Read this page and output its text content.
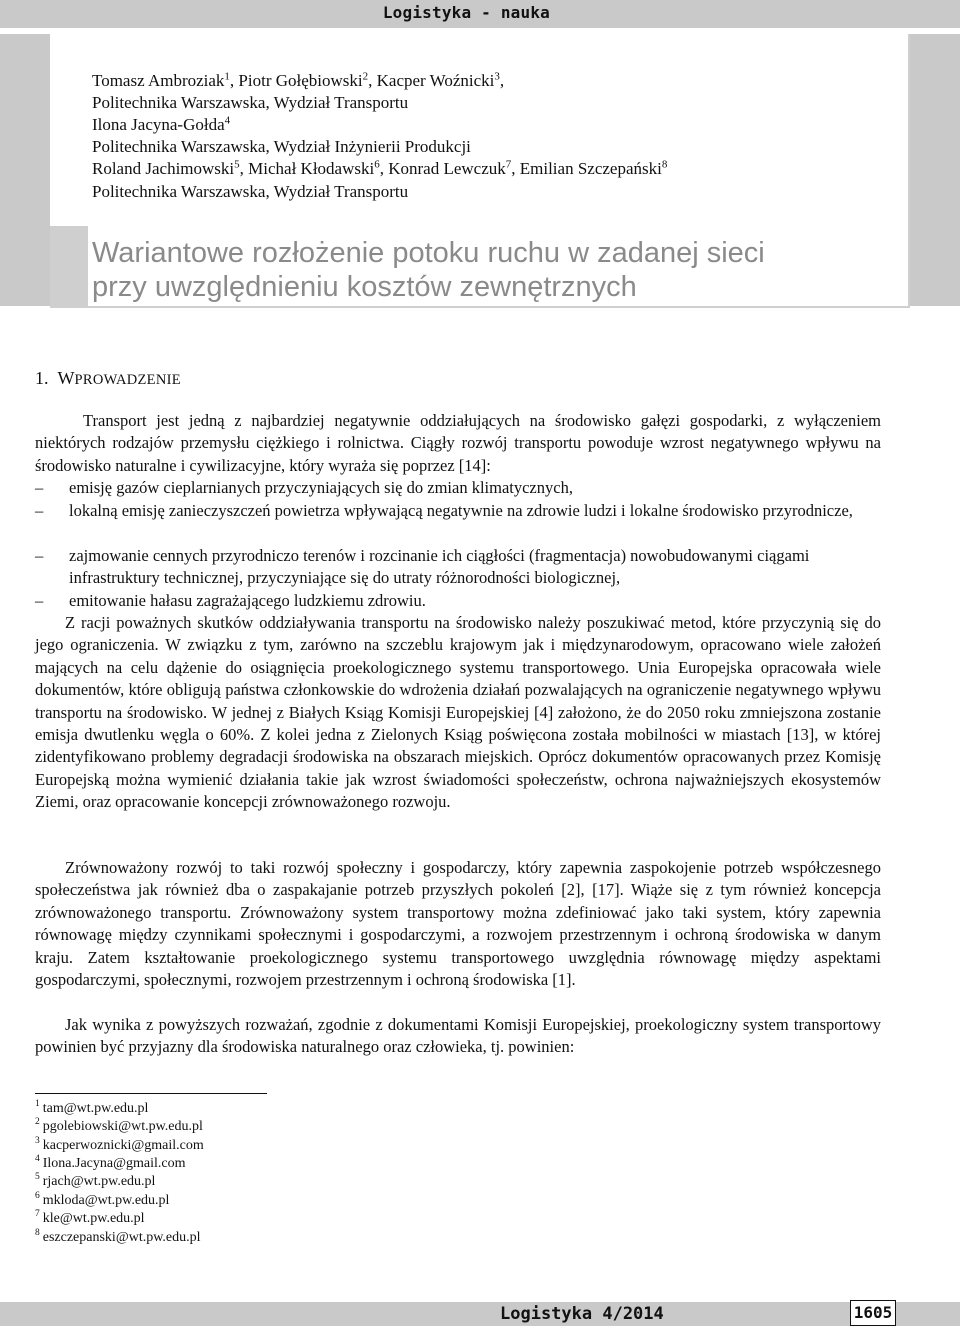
Logistyka - nauka
Tomasz Ambroziak$^1$, Piotr Gołębiowski$^2$, Kacper Woźnicki$^3$,
Politechnika Warszawska, Wydział Transportu
Ilona Jacyna-Gołda$^4$
Politechnika Warszawska, Wydział Inżynierii Produkcji
Roland Jachimowski$^5$, Michał Kłodawski$^6$, Konrad Lewczuk$^7$, Emilian Szczepański$^8$
Politechnika Warszawska, Wydział Transportu
Wariantowe rozłożenie potoku ruchu w zadanej sieci
przy uwzględnieniu kosztów zewnętrznych
1. WPROWADZENIE
Transport jest jedną z najbardziej negatywnie oddziałujących na środowisko gałęzi gospodarki, z wyłączeniem niektórych rodzajów przemysłu ciężkiego i rolnictwa. Ciągły rozwój transportu powoduje wzrost negatywnego wpływu na środowisko naturalne i cywilizacyjne, który wyraża się poprzez [14]:
–	emisję gazów cieplarnianych przyczyniających się do zmian klimatycznych,
–	lokalną emisję zanieczyszczeń powietrza wpływającą negatywnie na zdrowie ludzi i lokalne środowisko przyrodnicze,
–	zajmowanie cennych przyrodniczo terenów i rozcinanie ich ciągłości (fragmentacja) nowobudowanymi ciągami infrastruktury technicznej, przyczyniające się do utraty różnorodności biologicznej,
–	emitowanie hałasu zagrażającego ludzkiemu zdrowiu.
Z racji poważnych skutków oddziaływania transportu na środowisko należy poszukiwać metod, które przyczynią się do jego ograniczenia. W związku z tym, zarówno na szczeblu krajowym jak i międzynarodowym, opracowano wiele założeń mających na celu dążenie do osiągnięcia proekologicznego systemu transportowego. Unia Europejska opracowała wiele dokumentów, które obligują państwa członkowskie do wdrożenia działań pozwalających na ograniczenie negatywnego wpływu transportu na środowisko. W jednej z Białych Ksiąg Komisji Europejskiej [4] założono, że do 2050 roku zmniejszona zostanie emisja dwutlenku węgla o 60%. Z kolei jedna z Zielonych Ksiąg poświęcona została mobilności w miastach [13], w której zidentyfikowano problemy degradacji środowiska na obszarach miejskich. Oprócz dokumentów opracowanych przez Komisję Europejską można wymienić działania takie jak wzrost świadomości społeczeństw, ochrona najważniejszych ekosystemów Ziemi, oraz opracowanie koncepcji zrównoważonego rozwoju.
Zrównoważony rozwój to taki rozwój społeczny i gospodarczy, który zapewnia zaspokojenie potrzeb współczesnego społeczeństwa jak również dba o zaspakajanie potrzeb przyszłych pokoleń [2], [17]. Wiąże się z tym również koncepcja zrównoważonego transportu. Zrównoważony system transportowy można zdefiniować jako taki system, który zapewnia równowagę między czynnikami społecznymi i gospodarczymi, a rozwojem przestrzennym i ochroną środowiska w danym kraju. Zatem kształtowanie proekologicznego systemu transportowego uwzględnia równowagę między aspektami gospodarczymi, społecznymi, rozwojem przestrzennym i ochroną środowiska [1].
Jak wynika z powyższych rozważań, zgodnie z dokumentami Komisji Europejskiej, proekologiczny system transportowy powinien być przyjazny dla środowiska naturalnego oraz człowieka, tj. powinien:
$^1$ tam@wt.pw.edu.pl
$^2$ pgolebiowski@wt.pw.edu.pl
$^3$ kacperwoznicki@gmail.com
$^4$ Ilona.Jacyna@gmail.com
$^5$ rjach@wt.pw.edu.pl
$^6$ mkloda@wt.pw.edu.pl
$^7$ kle@wt.pw.edu.pl
$^8$ eszczepanski@wt.pw.edu.pl
Logistyka 4/2014	1605
